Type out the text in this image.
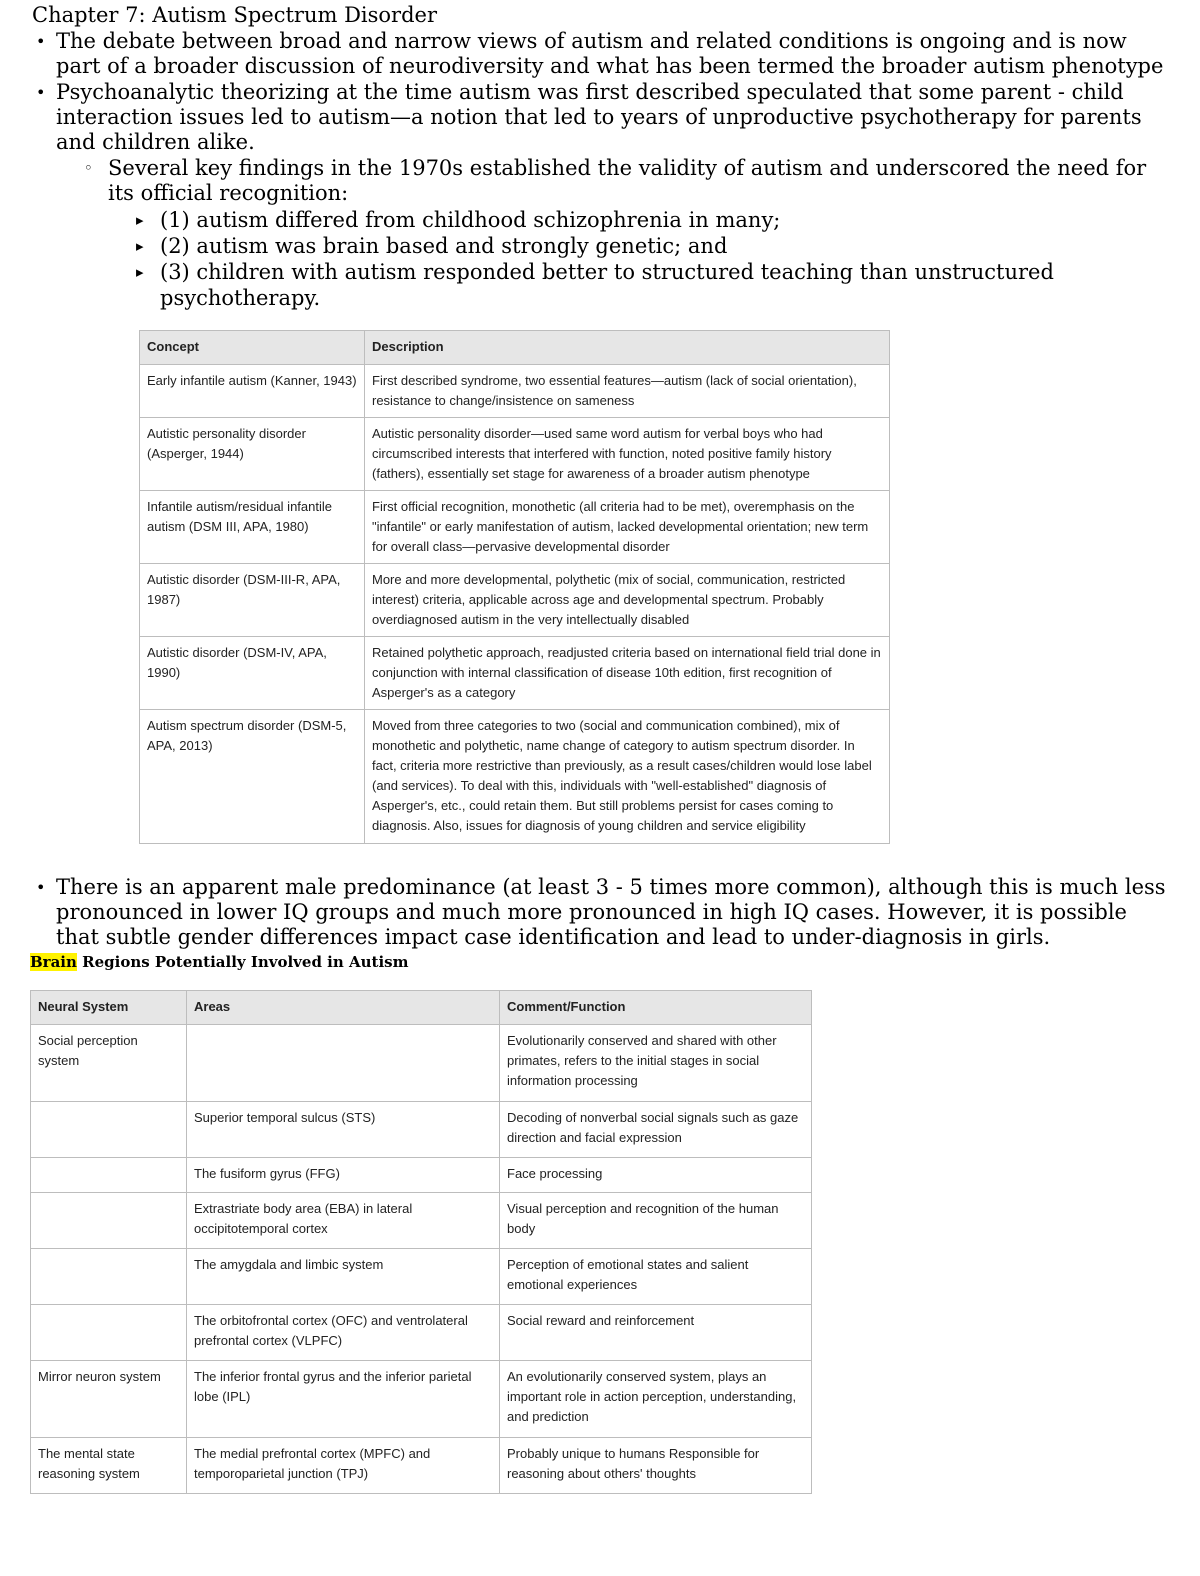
Chapter 7: Autism Spectrum Disorder
• The debate between broad and narrow views of autism and related conditions is ongoing and is now part of a broader discussion of neurodiversity and what has been termed the broader autism phenotype
• Psychoanalytic theorizing at the time autism was first described speculated that some parent - child interaction issues led to autism—a notion that led to years of unproductive psychotherapy for parents and children alike.
◦ Several key findings in the 1970s established the validity of autism and underscored the need for its official recognition:
▸ (1) autism differed from childhood schizophrenia in many;
▸ (2) autism was brain based and strongly genetic; and
▸ (3) children with autism responded better to structured teaching than unstructured psychotherapy.
Concept	Description
Early infantile autism (Kanner, 1943)	First described syndrome, two essential features—autism (lack of social orientation), resistance to change/insistence on sameness
Autistic personality disorder (Asperger, 1944)	Autistic personality disorder—used same word autism for verbal boys who had circumscribed interests that interfered with function, noted positive family history (fathers), essentially set stage for awareness of a broader autism phenotype
Infantile autism/residual infantile autism (DSM III, APA, 1980)	First official recognition, monothetic (all criteria had to be met), overemphasis on the "infantile" or early manifestation of autism, lacked developmental orientation; new term for overall class—pervasive developmental disorder
Autistic disorder (DSM-III-R, APA, 1987)	More and more developmental, polythetic (mix of social, communication, restricted interest) criteria, applicable across age and developmental spectrum. Probably overdiagnosed autism in the very intellectually disabled
Autistic disorder (DSM-IV, APA, 1990)	Retained polythetic approach, readjusted criteria based on international field trial done in conjunction with internal classification of disease 10th edition, first recognition of Asperger's as a category
Autism spectrum disorder (DSM-5, APA, 2013)	Moved from three categories to two (social and communication combined), mix of monothetic and polythetic, name change of category to autism spectrum disorder. In fact, criteria more restrictive than previously, as a result cases/children would lose label (and services). To deal with this, individuals with "well-established" diagnosis of Asperger's, etc., could retain them. But still problems persist for cases coming to diagnosis. Also, issues for diagnosis of young children and service eligibility
• There is an apparent male predominance (at least 3 - 5 times more common), although this is much less pronounced in lower IQ groups and much more pronounced in high IQ cases. However, it is possible that subtle gender differences impact case identification and lead to under-diagnosis in girls.
Brain Regions Potentially Involved in Autism
Neural System	Areas	Comment/Function
Social perception system		Evolutionarily conserved and shared with other primates, refers to the initial stages in social information processing
	Superior temporal sulcus (STS)	Decoding of nonverbal social signals such as gaze direction and facial expression
	The fusiform gyrus (FFG)	Face processing
	Extrastriate body area (EBA) in lateral occipitotemporal cortex	Visual perception and recognition of the human body
	The amygdala and limbic system	Perception of emotional states and salient emotional experiences
	The orbitofrontal cortex (OFC) and ventrolateral prefrontal cortex (VLPFC)	Social reward and reinforcement
Mirror neuron system	The inferior frontal gyrus and the inferior parietal lobe (IPL)	An evolutionarily conserved system, plays an important role in action perception, understanding, and prediction
The mental state reasoning system	The medial prefrontal cortex (MPFC) and temporoparietal junction (TPJ)	Probably unique to humans Responsible for reasoning about others' thoughts
